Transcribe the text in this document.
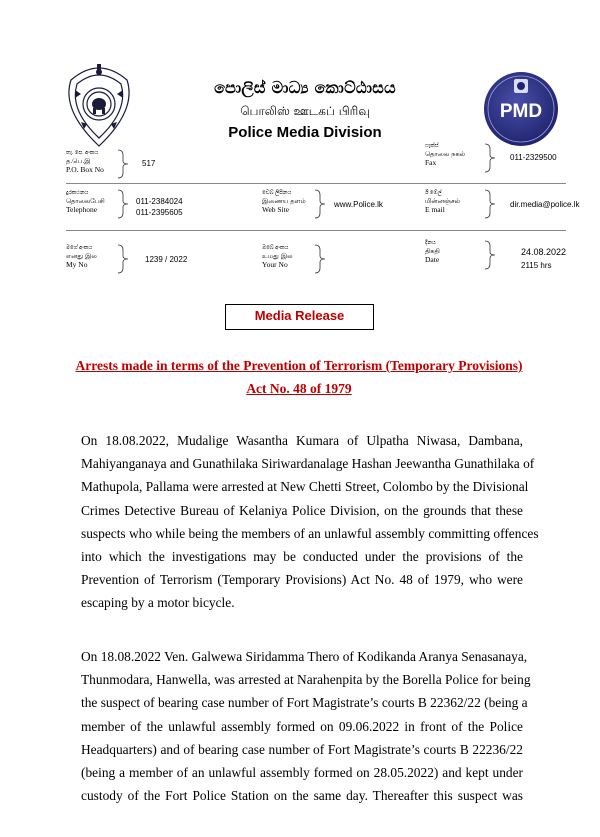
පොලිස් මාධ්‍ය කොට්ඨාසය
பொலிஸ் ஊடகப் பிரிவு
Police Media Division
PMD
තැ. පෙ. අංකය
த.பெ.இ
P.O. Box No
517
ෆැක්ස්
தொலை நகல்
Fax
011-2329500
දුරකථනය
தொலைபேசி
Telephone
011-2384024
011-2395605
වෙබ් ලිපිනය
இணைய தளம்
Web Site
www.Police.lk
ඊ මේල්
மின்னஞ்சல்
E mail
dir.media@police.lk
මගේ අංකය
எனது இல
My No
1239 / 2022
ඔබේ අංකය
உமது இல
Your No
දිනය
திகதி
Date
24.08.2022
2115 hrs
Media Release
Arrests made in terms of the Prevention of Terrorism (Temporary Provisions)
Act No. 48 of 1979
On 18.08.2022, Mudalige Wasantha Kumara of Ulpatha Niwasa, Dambana,
Mahiyanganaya and Gunathilaka Siriwardanalage Hashan Jeewantha Gunathilaka of
Mathupola, Pallama were arrested at New Chetti Street, Colombo by the Divisional
Crimes Detective Bureau of Kelaniya Police Division, on the grounds that these
suspects who while being the members of an unlawful assembly committing offences
into which the investigations may be conducted under the provisions of the
Prevention of Terrorism (Temporary Provisions) Act No. 48 of 1979, who were
escaping by a motor bicycle.
On 18.08.2022 Ven. Galwewa Siridamma Thero of Kodikanda Aranya Senasanaya,
Thunmodara, Hanwella, was arrested at Narahenpita by the Borella Police for being
the suspect of bearing case number of Fort Magistrate’s courts B 22362/22 (being a
member of the unlawful assembly formed on 09.06.2022 in front of the Police
Headquarters) and of bearing case number of Fort Magistrate’s courts B 22236/22
(being a member of an unlawful assembly formed on 28.05.2022) and kept under
custody of the Fort Police Station on the same day. Thereafter this suspect was
